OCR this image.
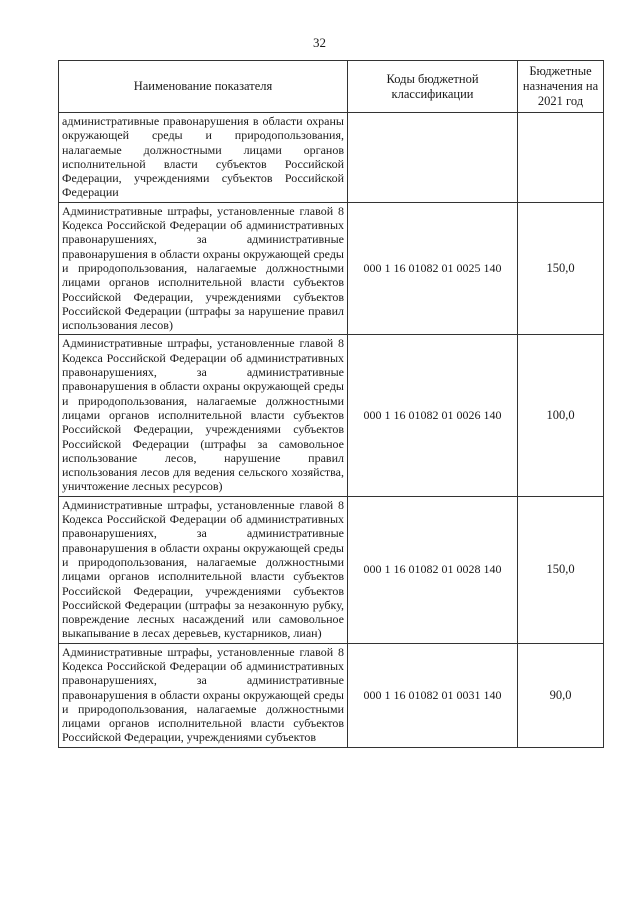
32
Наименование показателя	Коды бюджетной классификации	Бюджетные назначения на 2021 год
административные правонарушения в области охраны окружающей среды и природопользования, налагаемые должностными лицами органов исполнительной власти субъектов Российской Федерации, учреждениями субъектов Российской Федерации		
Административные штрафы, установленные главой 8 Кодекса Российской Федерации об административных правонарушениях, за административные правонарушения в области охраны окружающей среды и природопользования, налагаемые должностными лицами органов исполнительной власти субъектов Российской Федерации, учреждениями субъектов Российской Федерации (штрафы за нарушение правил использования лесов)	000 1 16 01082 01 0025 140	150,0
Административные штрафы, установленные главой 8 Кодекса Российской Федерации об административных правонарушениях, за административные правонарушения в области охраны окружающей среды и природопользования, налагаемые должностными лицами органов исполнительной власти субъектов Российской Федерации, учреждениями субъектов Российской Федерации (штрафы за самовольное использование лесов, нарушение правил использования лесов для ведения сельского хозяйства, уничтожение лесных ресурсов)	000 1 16 01082 01 0026 140	100,0
Административные штрафы, установленные главой 8 Кодекса Российской Федерации об административных правонарушениях, за административные правонарушения в области охраны окружающей среды и природопользования, налагаемые должностными лицами органов исполнительной власти субъектов Российской Федерации, учреждениями субъектов Российской Федерации (штрафы за незаконную рубку, повреждение лесных насаждений или самовольное выкапывание в лесах деревьев, кустарников, лиан)	000 1 16 01082 01 0028 140	150,0
Административные штрафы, установленные главой 8 Кодекса Российской Федерации об административных правонарушениях, за административные правонарушения в области охраны окружающей среды и природопользования, налагаемые должностными лицами органов исполнительной власти субъектов Российской Федерации, учреждениями субъектов	000 1 16 01082 01 0031 140	90,0
